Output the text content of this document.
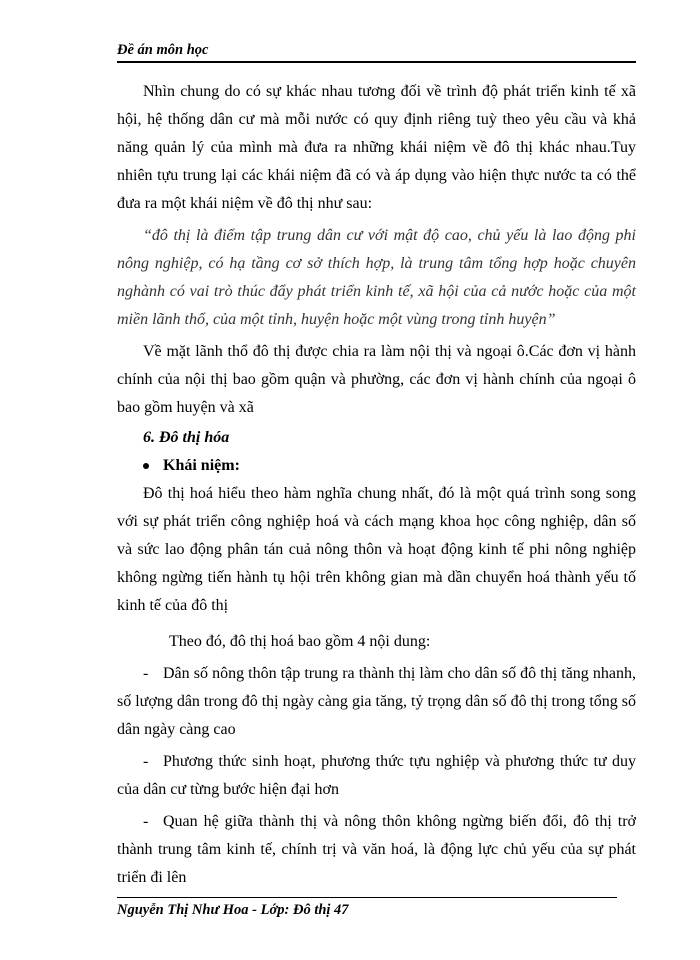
Đề án môn học

Nhìn chung do có sự khác nhau tương đối về trình độ phát triển kinh tế xã hội, hệ thống dân cư mà mỗi nước có quy định riêng tuỳ theo yêu cầu và khả năng quản lý của mình mà đưa ra những khái niệm về đô thị khác nhau.Tuy nhiên tựu trung lại các khái niệm đã có và áp dụng vào hiện thực nước ta có thể đưa ra một khái niệm về đô thị như sau:

“đô thị là điểm tập trung dân cư với mật độ cao, chủ yếu là lao động phi nông nghiệp, có hạ tầng cơ sở thích hợp, là trung tâm tổng hợp hoặc chuyên nghành có vai trò thúc đẩy phát triển kinh tế, xã hội của cả nước hoặc của một miền lãnh thổ, của một tỉnh, huyện hoặc một vùng trong tỉnh huyện”

Về mặt lãnh thổ đô thị được chia ra làm nội thị và ngoại ô.Các đơn vị hành chính của nội thị bao gồm quận và phường, các đơn vị hành chính của ngoại ô bao gồm huyện và xã

6. Đô thị hóa

Khái niệm:

Đô thị hoá hiểu theo hàm nghĩa chung nhất, đó là một quá trình song song với sự phát triển công nghiệp hoá và cách mạng khoa học công nghiệp, dân số và sức lao động phân tán cuả nông thôn và hoạt động kinh tế phi nông nghiệp không ngừng tiến hành tụ hội trên không gian mà dần chuyển hoá thành yếu tố kinh tế của đô thị

Theo đó, đô thị hoá bao gồm 4 nội dung:

- Dân số nông thôn tập trung ra thành thị làm cho dân số đô thị tăng nhanh, số lượng dân trong đô thị ngày càng gia tăng, tỷ trọng dân số đô thị trong tổng số dân ngày càng cao

- Phương thức sinh hoạt, phương thức tựu nghiệp và phương thức tư duy của dân cư từng bước hiện đại hơn

- Quan hệ giữa thành thị và nông thôn không ngừng biến đổi, đô thị trở thành trung tâm kinh tế, chính trị và văn hoá, là động lực chủ yếu của sự phát triển đi lên

Nguyễn Thị Như Hoa - Lớp: Đô thị 47
